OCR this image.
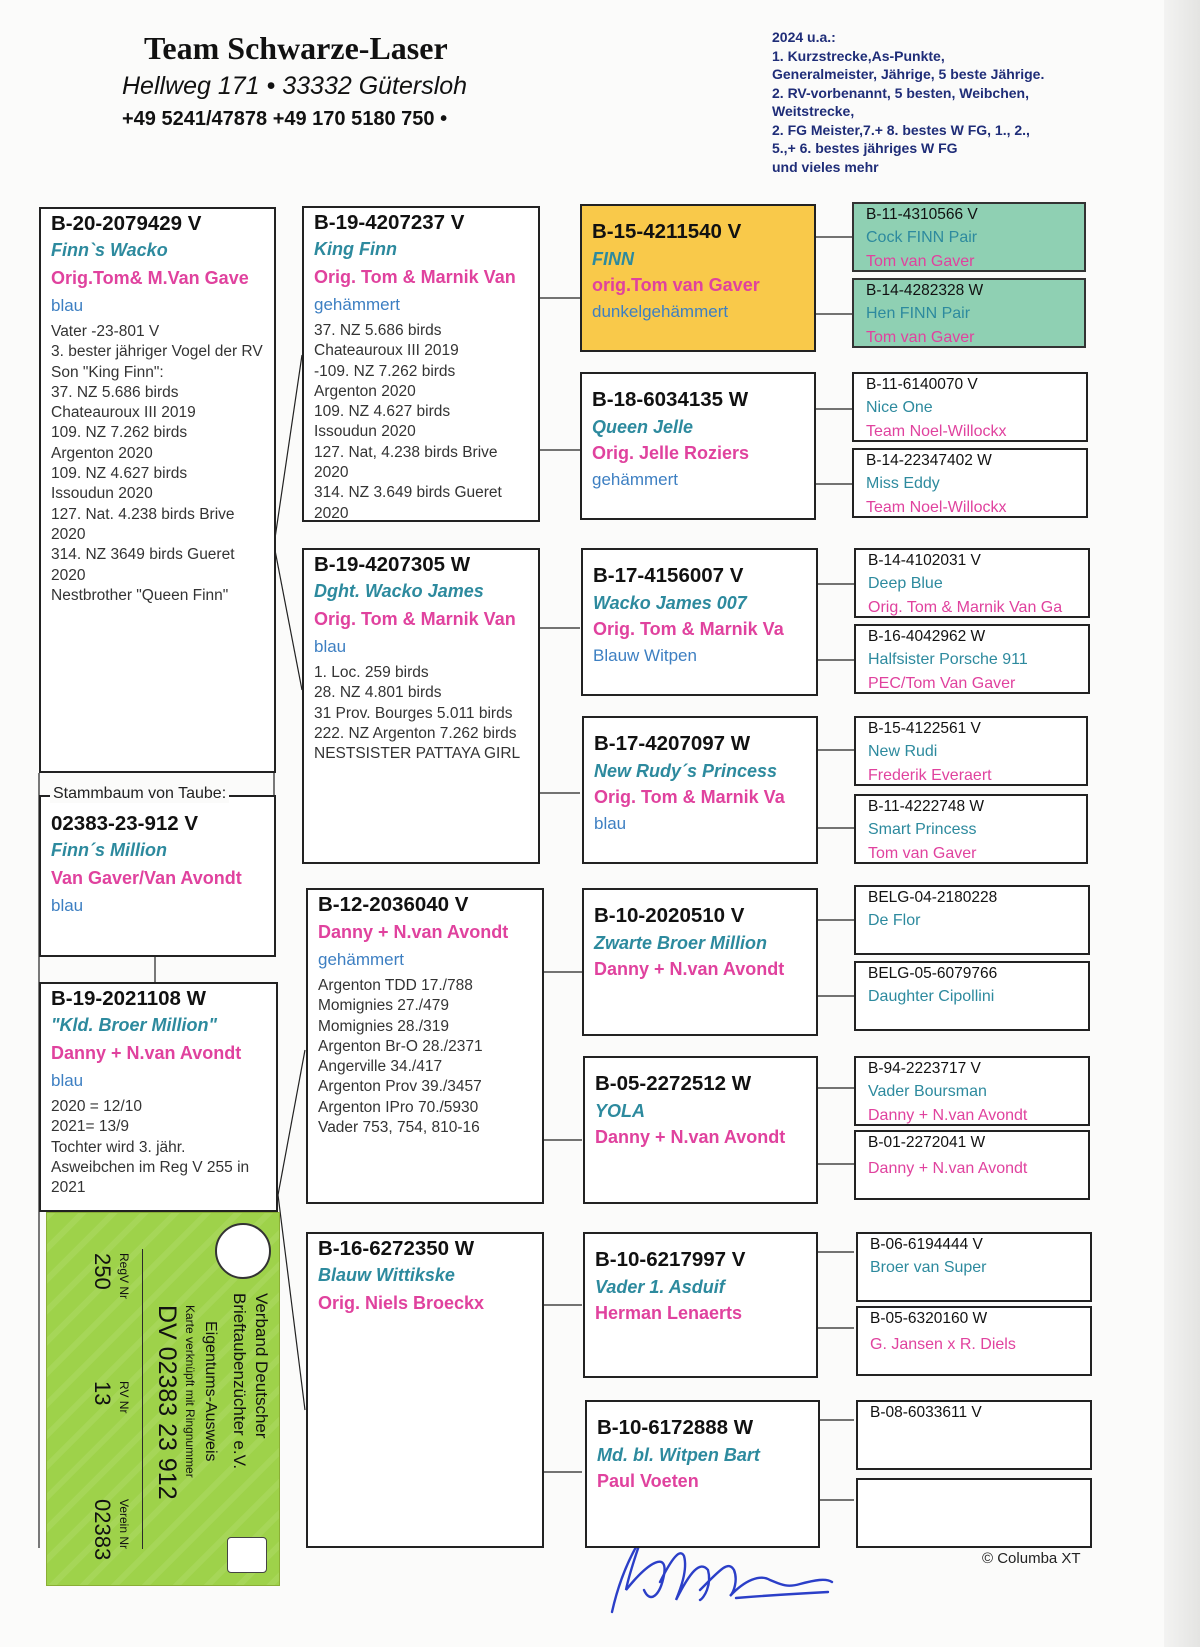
Team Schwarze-Laser
Hellweg 171 • 33332 Gütersloh
+49 5241/47878 +49 170 5180 750 •
2024 u.a.:
1. Kurzstrecke,As-Punkte,
Generalmeister, Jährige, 5 beste Jährige.
2. RV-vorbenannt, 5 besten, Weibchen,
Weitstrecke,
2. FG Meister,7.+ 8. bestes W FG, 1., 2.,
5.,+ 6. bestes jähriges W FG
und vieles mehr
B-20-2079429 V
Finn`s Wacko
Orig.Tom& M.Van Gave
blau
Vater -23-801 V
3. bester jähriger Vogel der RV
Son "King Finn":
37. NZ 5.686 birds
Chateauroux III 2019
109. NZ 7.262 birds
Argenton 2020
109. NZ 4.627 birds
Issoudun 2020
127. Nat. 4.238 birds Brive 2020
314. NZ 3649 birds Gueret 2020
Nestbrother "Queen Finn"
02383-23-912 V
Finn´s Million
Van Gaver/Van Avondt
blau
Stammbaum von Taube:
B-19-2021108 W
"Kld. Broer Million"
Danny + N.van Avondt
blau
2020 = 12/10
2021= 13/9
Tochter wird 3. jähr.
Asweibchen im Reg V 255 in 2021
Verband Deutscher
Brieftaubenzüchter e.V.
Eigentums-Ausweis
Karte verknüpft mit Ringnummer
DV 02383 23 912
RegV Nr
RV Nr
Verein Nr
250
13
02383
B-19-4207237 V
King Finn
Orig. Tom & Marnik Van
gehämmert
37. NZ 5.686 birds
Chateauroux III 2019
-109. NZ 7.262 birds
Argenton 2020
109. NZ 4.627 birds
Issoudun 2020
127. Nat, 4.238 birds Brive 2020
314. NZ 3.649 birds Gueret 2020
B-19-4207305 W
Dght. Wacko James
Orig. Tom & Marnik Van
blau
1. Loc. 259 birds
28. NZ 4.801 birds
31 Prov. Bourges 5.011 birds
222. NZ Argenton 7.262 birds
NESTSISTER PATTAYA GIRL
B-12-2036040 V
Danny + N.van Avondt
gehämmert
Argenton TDD 17./788
Momignies 27./479
Momignies 28./319
Argenton Br-O 28./2371
Angerville 34./417
Argenton Prov 39./3457
Argenton IPro 70./5930
Vader 753, 754, 810-16
B-16-6272350 W
Blauw Wittikske
Orig. Niels Broeckx
B-15-4211540 V
FINN
orig.Tom van Gaver
dunkelgehämmert
B-18-6034135 W
Queen Jelle
Orig. Jelle Roziers
gehämmert
B-17-4156007 V
Wacko James 007
Orig. Tom & Marnik Va
Blauw Witpen
B-17-4207097 W
New Rudy´s Princess
Orig. Tom & Marnik Va
blau
B-10-2020510 V
Zwarte Broer Million
Danny + N.van Avondt
B-05-2272512 W
YOLA
Danny + N.van Avondt
B-10-6217997 V
Vader 1. Asduif
Herman Lenaerts
B-10-6172888 W
Md. bl. Witpen Bart
Paul Voeten
B-11-4310566 V
Cock FINN Pair
Tom van Gaver
B-14-4282328 W
Hen FINN Pair
Tom van Gaver
B-11-6140070 V
Nice One
Team Noel-Willockx
B-14-22347402 W
Miss Eddy
Team Noel-Willockx
B-14-4102031 V
Deep Blue
Orig. Tom & Marnik Van Ga
B-16-4042962 W
Halfsister Porsche 911
PEC/Tom Van Gaver
B-15-4122561 V
New Rudi
Frederik Everaert
B-11-4222748 W
Smart Princess
Tom van Gaver
BELG-04-2180228
De Flor
BELG-05-6079766
Daughter Cipollini
B-94-2223717 V
Vader Boursman
Danny + N.van Avondt
B-01-2272041 W
Danny + N.van Avondt
B-06-6194444 V
Broer van Super
B-05-6320160 W
G. Jansen x R. Diels
B-08-6033611 V
© Columba XT
